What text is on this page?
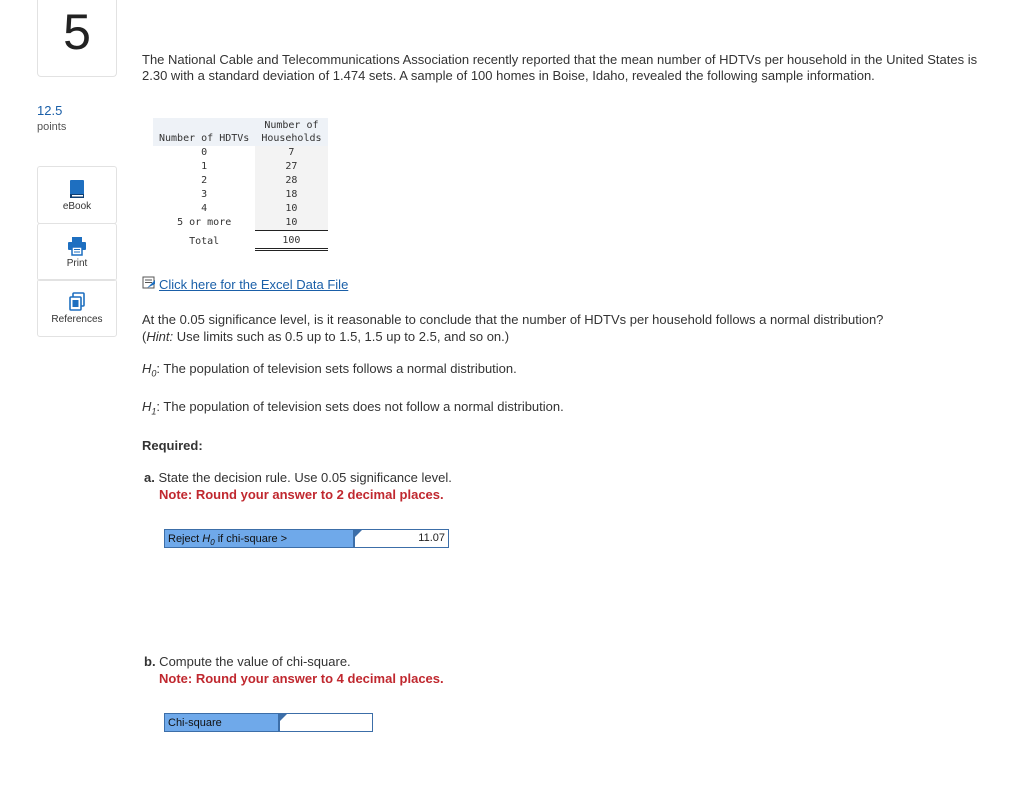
5
12.5
points
eBook
Print
References

The National Cable and Telecommunications Association recently reported that the mean number of HDTVs per household in the United States is 2.30 with a standard deviation of 1.474 sets. A sample of 100 homes in Boise, Idaho, revealed the following sample information.

Number of HDTVs	Number of
Households
0	7
1	27
2	28
3	18
4	10
5 or more	10
Total	100
Click here for the Excel Data File
At the 0.05 significance level, is it reasonable to conclude that the number of HDTVs per household follows a normal distribution?
(Hint: Use limits such as 0.5 up to 1.5, 1.5 up to 2.5, and so on.)
$H_0$: The population of television sets follows a normal distribution.
$H_1$: The population of television sets does not follow a normal distribution.
Required:
a. State the decision rule. Use 0.05 significance level.
Note: Round your answer to 2 decimal places.
Reject $H_0$ if chi-square >	11.07
b. Compute the value of chi-square.
Note: Round your answer to 4 decimal places.
Chi-square
